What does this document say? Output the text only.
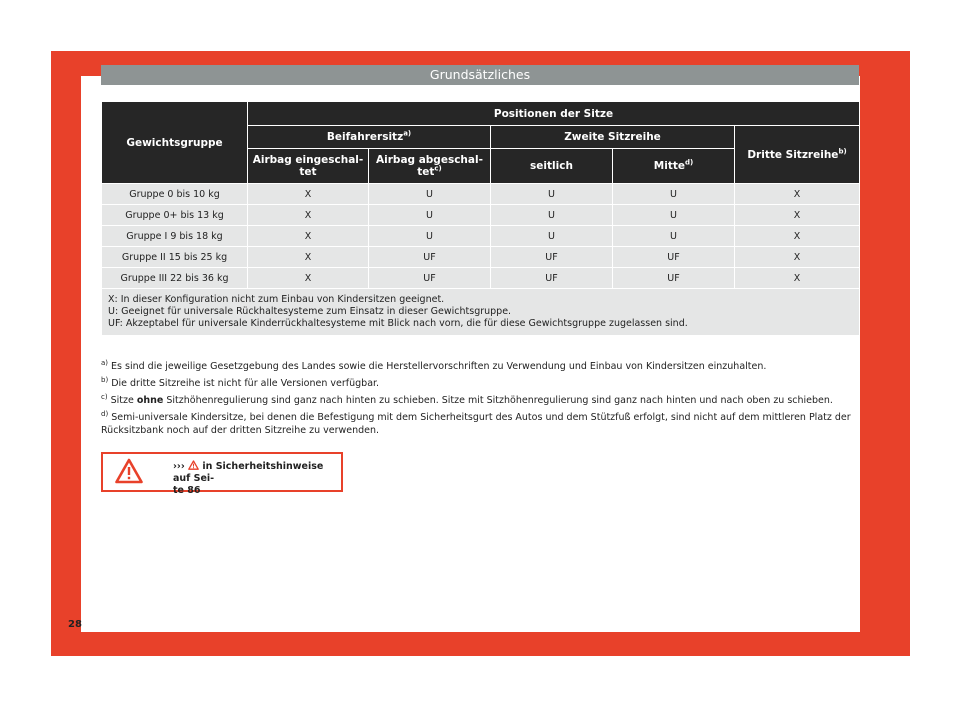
Grundsätzliches
Gewichtsgruppe	Positionen der Sitze				
	Beifahrersitz$^{a)}$		Zweite Sitzreihe		Dritte Sitzreihe$^{b)}$
	Airbag eingeschal- tet	Airbag abgeschal- tet$^{c)}$	seitlich	Mitte$^{d)}$
Gruppe 0 bis 10 kg	X	U	U	U	X
Gruppe 0+ bis 13 kg	X	U	U	U	X
Gruppe I 9 bis 18 kg	X	U	U	U	X
Gruppe II 15 bis 25 kg	X	UF	UF	UF	X
Gruppe III 22 bis 36 kg	X	UF	UF	UF	X

X: In dieser Konfiguration nicht zum Einbau von Kindersitzen geeignet.
U: Geeignet für universale Rückhaltesysteme zum Einsatz in dieser Gewichtsgruppe.
UF: Akzeptabel für universale Kinderrückhaltesysteme mit Blick nach vorn, die für diese Gewichtsgruppe zugelassen sind.					
$^{a)}$ Es sind die jeweilige Gesetzgebung des Landes sowie die Herstellervorschriften zu Verwendung und Einbau von Kindersitzen einzuhalten.
$^{b)}$ Die dritte Sitzreihe ist nicht für alle Versionen verfügbar.
$^{c)}$ Sitze ohne Sitzhöhenregulierung sind ganz nach hinten zu schieben. Sitze mit Sitzhöhenregulierung sind ganz nach hinten und nach oben zu schieben.
$^{d)}$ Semi-universale Kindersitze, bei denen die Befestigung mit dem Sicherheitsgurt des Autos und dem Stützfuß erfolgt, sind nicht auf dem mittleren Platz der Rücksitzbank noch auf der dritten Sitzreihe zu verwenden.
›››  in Sicherheitshinweise auf Sei-
te 86
28
